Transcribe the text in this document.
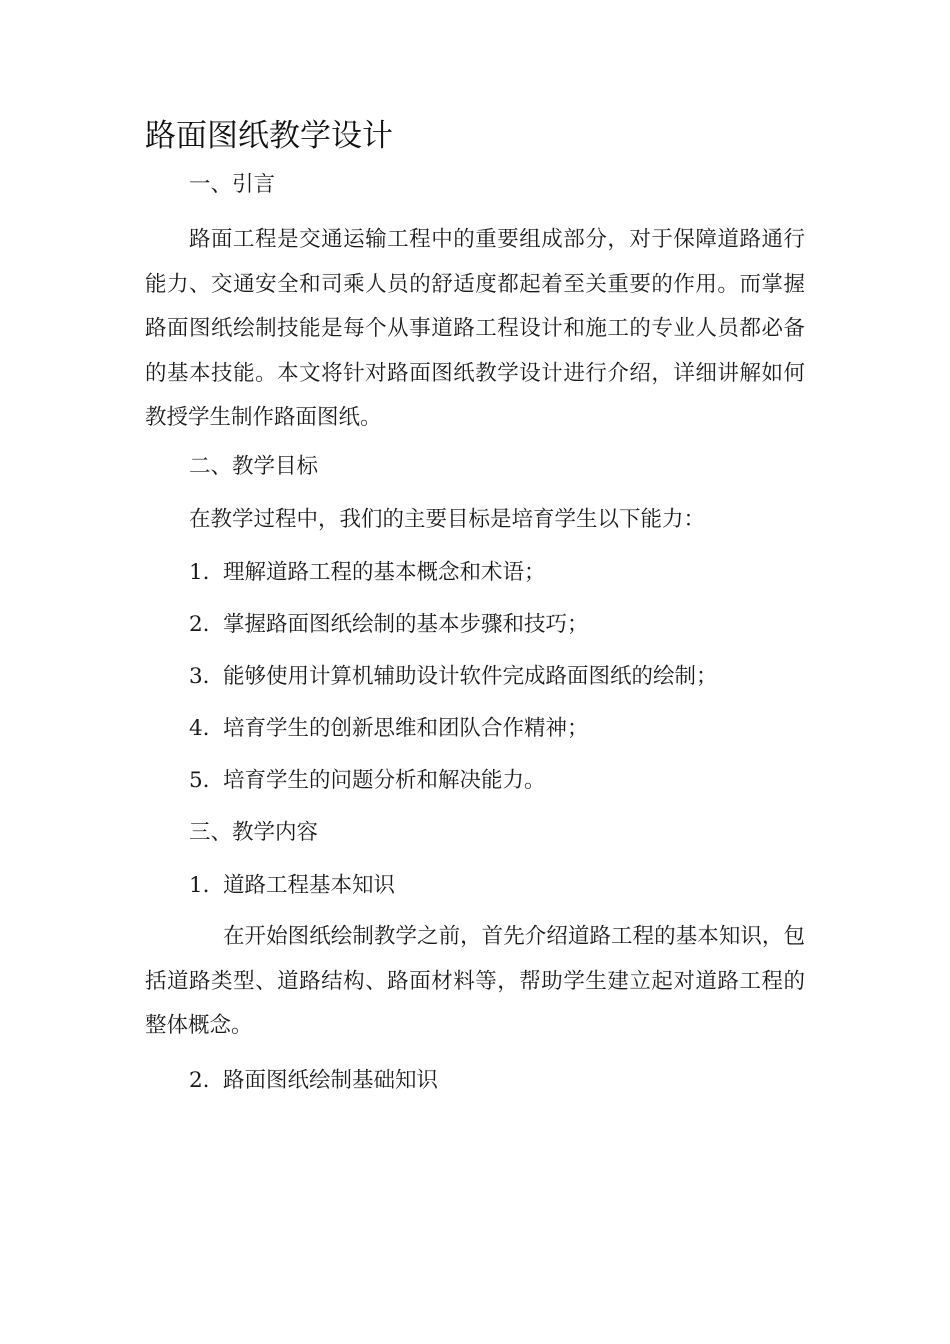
路面图纸教学设计

一、引言

路面工程是交通运输工程中的重要组成部分，对于保障道路通行能力、交通安全和司乘人员的舒适度都起着至关重要的作用。而掌握路面图纸绘制技能是每个从事道路工程设计和施工的专业人员都必备的基本技能。本文将针对路面图纸教学设计进行介绍，详细讲解如何教授学生制作路面图纸。

二、教学目标

在教学过程中，我们的主要目标是培育学生以下能力：

1. 理解道路工程的基本概念和术语；

2. 掌握路面图纸绘制的基本步骤和技巧；

3. 能够使用计算机辅助设计软件完成路面图纸的绘制；

4. 培育学生的创新思维和团队合作精神；

5. 培育学生的问题分析和解决能力。

三、教学内容

1. 道路工程基本知识

在开始图纸绘制教学之前，首先介绍道路工程的基本知识，包括道路类型、道路结构、路面材料等，帮助学生建立起对道路工程的整体概念。

2. 路面图纸绘制基础知识
